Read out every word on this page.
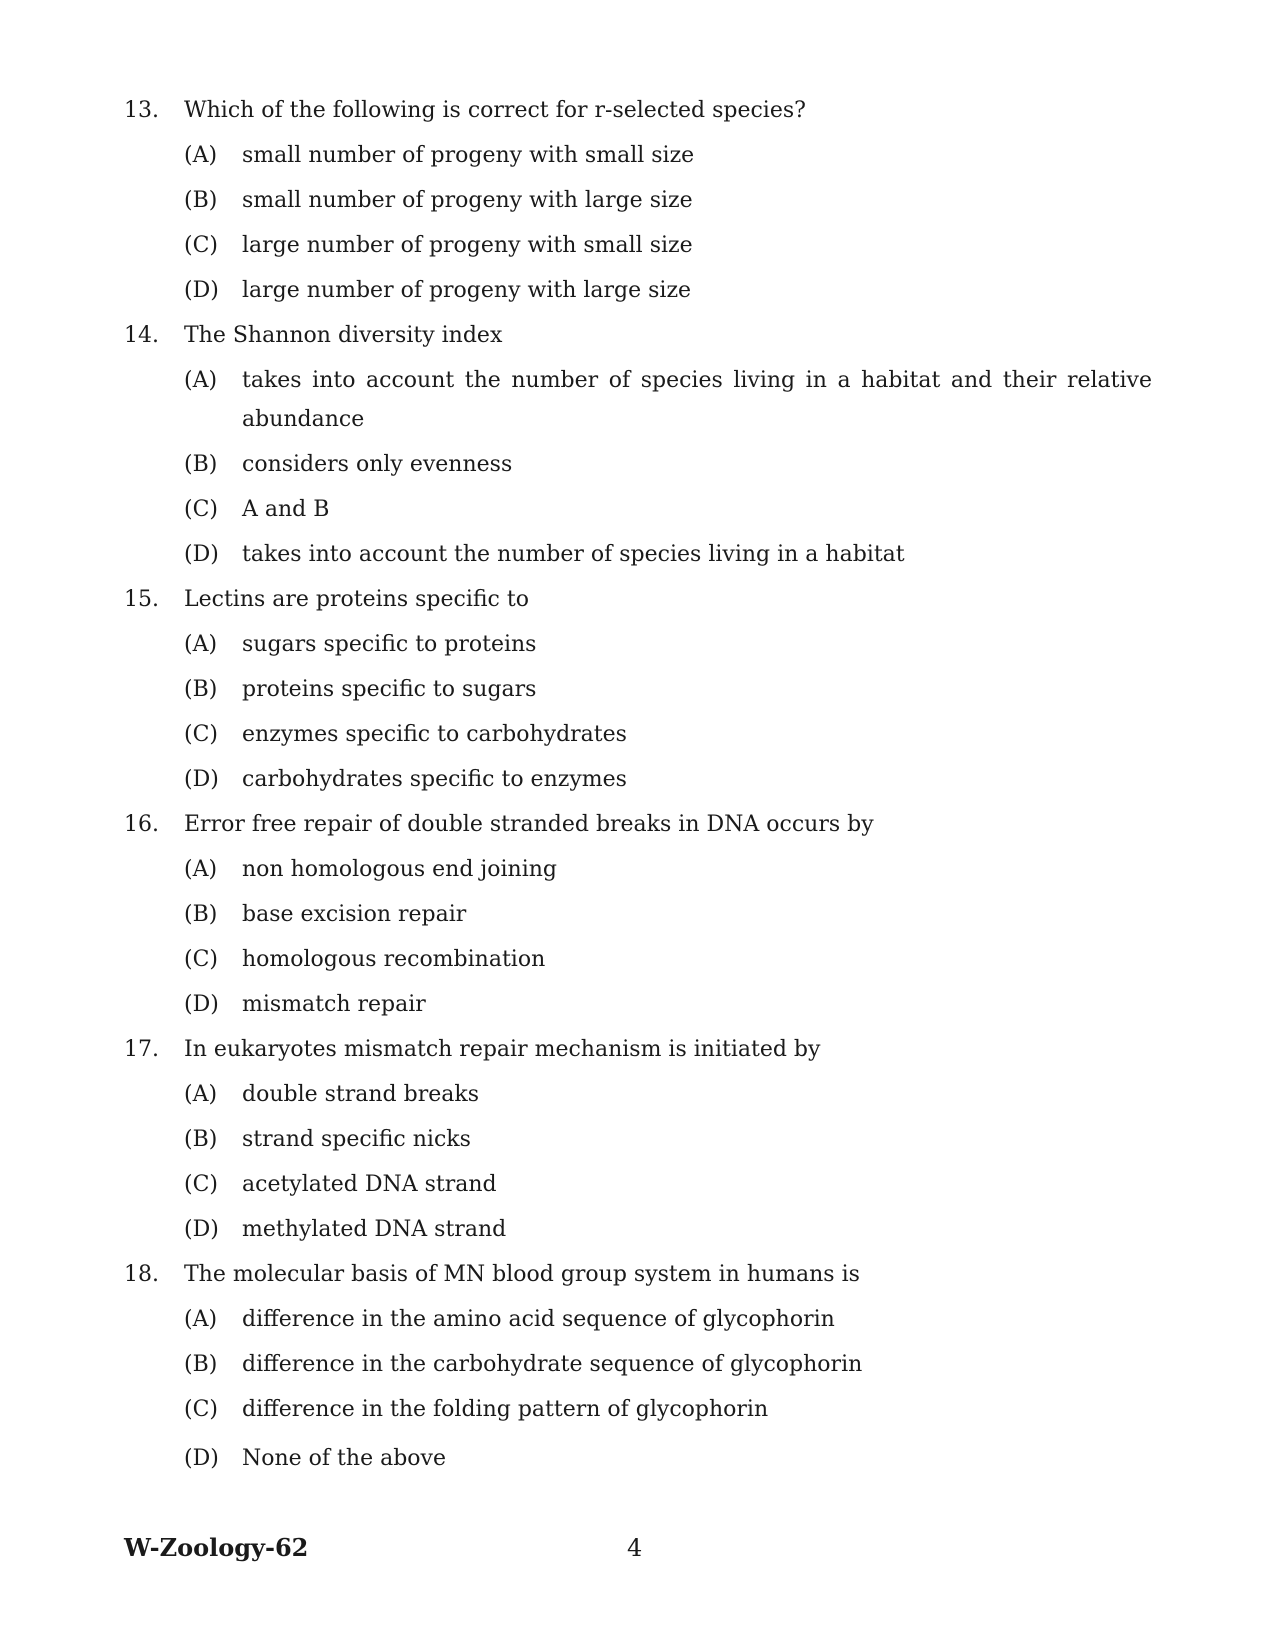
13. Which of the following is correct for r-selected species?
(A) small number of progeny with small size
(B) small number of progeny with large size
(C) large number of progeny with small size
(D) large number of progeny with large size
14. The Shannon diversity index
(A) takes into account the number of species living in a habitat and their relative
abundance
(B) considers only evenness
(C) A and B
(D) takes into account the number of species living in a habitat
15. Lectins are proteins specific to
(A) sugars specific to proteins
(B) proteins specific to sugars
(C) enzymes specific to carbohydrates
(D) carbohydrates specific to enzymes
16. Error free repair of double stranded breaks in DNA occurs by
(A) non homologous end joining
(B) base excision repair
(C) homologous recombination
(D) mismatch repair
17. In eukaryotes mismatch repair mechanism is initiated by
(A) double strand breaks
(B) strand specific nicks
(C) acetylated DNA strand
(D) methylated DNA strand
18. The molecular basis of MN blood group system in humans is
(A) difference in the amino acid sequence of glycophorin
(B) difference in the carbohydrate sequence of glycophorin
(C) difference in the folding pattern of glycophorin
(D) None of the above
W-Zoology-62	4
